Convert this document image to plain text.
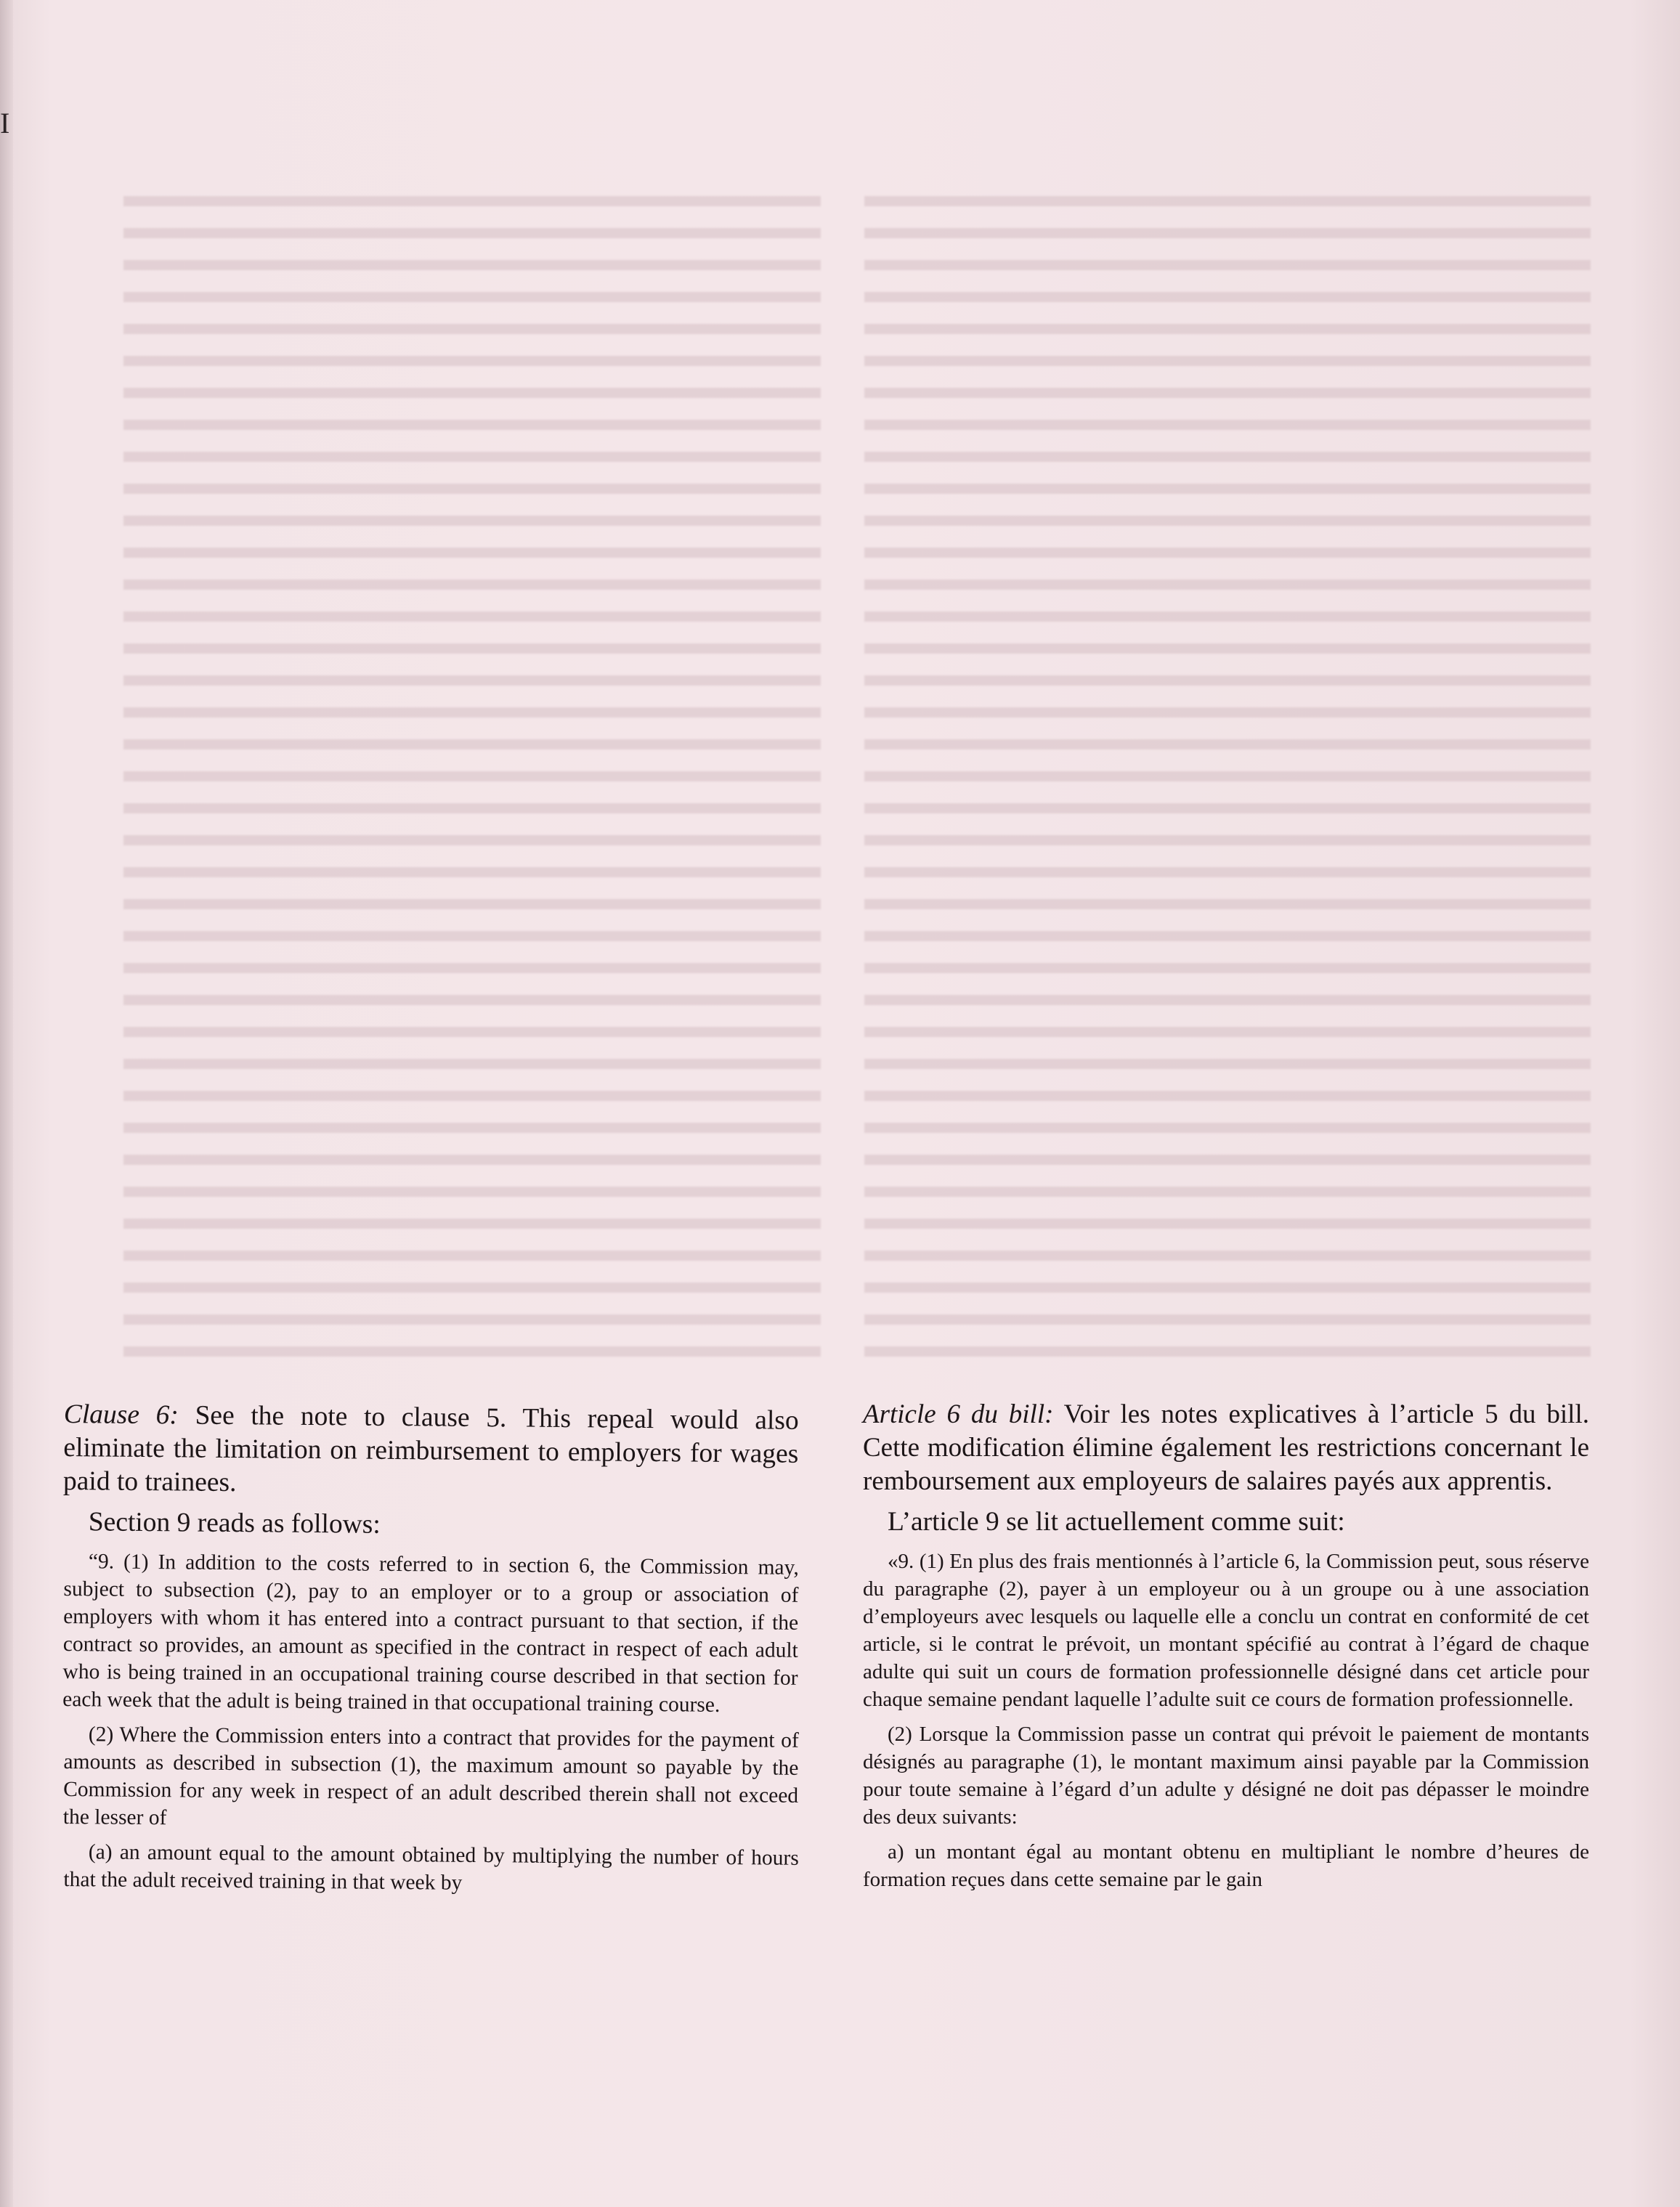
I

Clause 6: See the note to clause 5. This repeal would also eliminate the limitation on reimbursement to employers for wages paid to trainees.

Section 9 reads as follows:

“9. (1) In addition to the costs referred to in section 6, the Commission may, subject to subsection (2), pay to an employer or to a group or association of employers with whom it has entered into a contract pursuant to that section, if the contract so provides, an amount as specified in the contract in respect of each adult who is being trained in an occupational training course described in that section for each week that the adult is being trained in that occupational training course.

(2) Where the Commission enters into a contract that provides for the payment of amounts as described in subsection (1), the maximum amount so payable by the Commission for any week in respect of an adult described therein shall not exceed the lesser of

(a) an amount equal to the amount obtained by multiplying the number of hours that the adult received training in that week by

Article 6 du bill: Voir les notes explicatives à l’article 5 du bill. Cette modification élimine également les restrictions concernant le remboursement aux employeurs de salaires payés aux apprentis.

L’article 9 se lit actuellement comme suit:

«9. (1) En plus des frais mentionnés à l’article 6, la Commission peut, sous réserve du paragraphe (2), payer à un employeur ou à un groupe ou à une association d’employeurs avec lesquels ou laquelle elle a conclu un contrat en conformité de cet article, si le contrat le prévoit, un montant spécifié au contrat à l’égard de chaque adulte qui suit un cours de formation professionnelle désigné dans cet article pour chaque semaine pendant laquelle l’adulte suit ce cours de formation professionnelle.

(2) Lorsque la Commission passe un contrat qui prévoit le paiement de montants désignés au paragraphe (1), le montant maximum ainsi payable par la Commission pour toute semaine à l’égard d’un adulte y désigné ne doit pas dépasser le moindre des deux suivants:

a) un montant égal au montant obtenu en multipliant le nombre d’heures de formation reçues dans cette semaine par le gain
